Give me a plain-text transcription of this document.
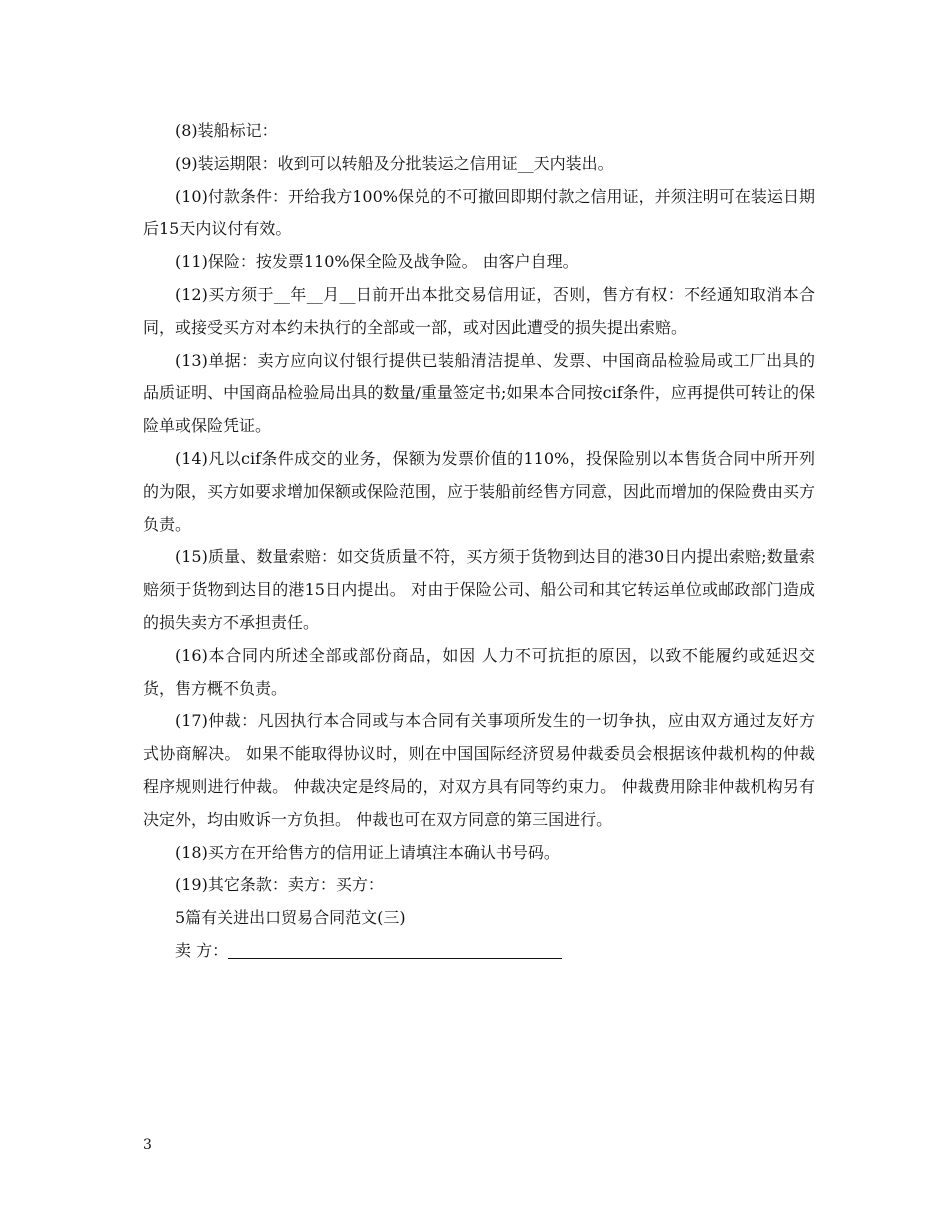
(8)装船标记：

(9)装运期限：收到可以转船及分批装运之信用证__天内装出。

(10)付款条件：开给我方100%保兑的不可撤回即期付款之信用证，并须注明可在装运日期后15天内议付有效。

(11)保险：按发票110%保全险及战争险。 由客户自理。

(12)买方须于__年__月__日前开出本批交易信用证，否则，售方有权：不经通知取消本合同，或接受买方对本约未执行的全部或一部，或对因此遭受的损失提出索赔。

(13)单据：卖方应向议付银行提供已装船清洁提单、发票、中国商品检验局或工厂出具的品质证明、中国商品检验局出具的数量/重量签定书;如果本合同按cif条件，应再提供可转让的保险单或保险凭证。

(14)凡以cif条件成交的业务，保额为发票价值的110%，投保险别以本售货合同中所开列的为限，买方如要求增加保额或保险范围，应于装船前经售方同意，因此而增加的保险费由买方负责。

(15)质量、数量索赔：如交货质量不符，买方须于货物到达目的港30日内提出索赔;数量索赔须于货物到达目的港15日内提出。 对由于保险公司、船公司和其它转运单位或邮政部门造成的损失卖方不承担责任。

(16)本合同内所述全部或部份商品，如因 人力不可抗拒的原因，以致不能履约或延迟交货，售方概不负责。

(17)仲裁：凡因执行本合同或与本合同有关事项所发生的一切争执，应由双方通过友好方式协商解决。 如果不能取得协议时，则在中国国际经济贸易仲裁委员会根据该仲裁机构的仲裁程序规则进行仲裁。 仲裁决定是终局的，对双方具有同等约束力。 仲裁费用除非仲裁机构另有决定外，均由败诉一方负担。 仲裁也可在双方同意的第三国进行。

(18)买方在开给售方的信用证上请填注本确认书号码。

(19)其它条款：卖方：买方：

5篇有关进出口贸易合同范文(三)

卖 方：

3
